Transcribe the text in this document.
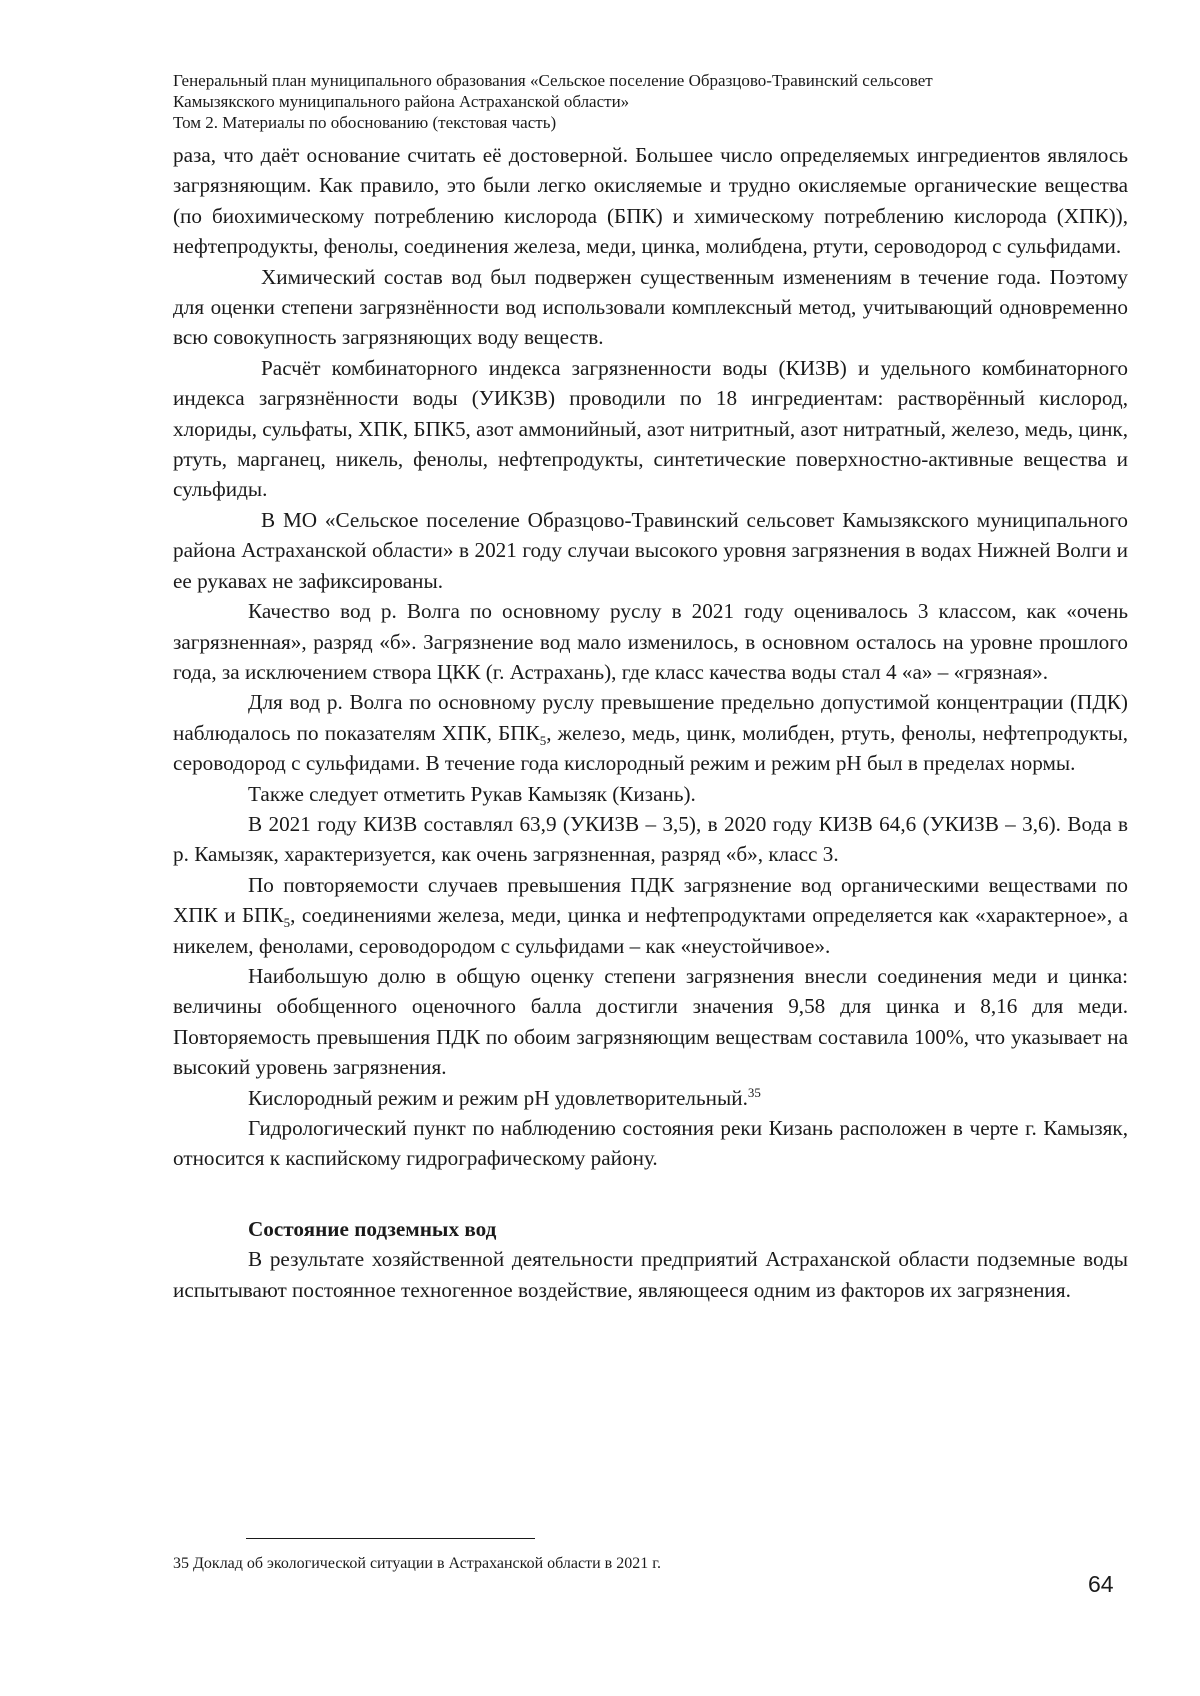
Генеральный план муниципального образования «Сельское поселение Образцово-Травинский сельсовет

Камызякского муниципального района Астраханской области»

Том 2. Материалы по обоснованию (текстовая часть)

раза, что даёт основание считать её достоверной. Большее число определяемых ингредиентов являлось загрязняющим. Как правило, это были легко окисляемые и трудно окисляемые органические вещества (по биохимическому потреблению кислорода (БПК) и химическому потреблению кислорода (ХПК)), нефтепродукты, фенолы, соединения железа, меди, цинка, молибдена, ртути, сероводород с сульфидами.

Химический состав вод был подвержен существенным изменениям в течение года. Поэтому для оценки степени загрязнённости вод использовали комплексный метод, учитывающий одновременно всю совокупность загрязняющих воду веществ.

Расчёт комбинаторного индекса загрязненности воды (КИЗВ) и удельного комбинаторного индекса загрязнённости воды (УИКЗВ) проводили по 18 ингредиентам: растворённый кислород, хлориды, сульфаты, ХПК, БПК5, азот аммонийный, азот нитритный, азот нитратный, железо, медь, цинк, ртуть, марганец, никель, фенолы, нефтепродукты, синтетические поверхностно-активные вещества и сульфиды.

В МО «Сельское поселение Образцово-Травинский сельсовет Камызякского муниципального района Астраханской области» в 2021 году случаи высокого уровня загрязнения в водах Нижней Волги и ее рукавах не зафиксированы.

Качество вод р. Волга по основному руслу в 2021 году оценивалось 3 классом, как «очень загрязненная», разряд «б». Загрязнение вод мало изменилось, в основном осталось на уровне прошлого года, за исключением створа ЦКК (г. Астрахань), где класс качества воды стал 4 «а» – «грязная».

Для вод р. Волга по основному руслу превышение предельно допустимой концентрации (ПДК) наблюдалось по показателям ХПК, $БПК_5$, железо, медь, цинк, молибден, ртуть, фенолы, нефтепродукты, сероводород с сульфидами. В течение года кислородный режим и режим pH был в пределах нормы.

Также следует отметить Рукав Камызяк (Кизань).

В 2021 году КИЗВ составлял 63,9 (УКИЗВ – 3,5), в 2020 году КИЗВ 64,6 (УКИЗВ – 3,6). Вода в р. Камызяк, характеризуется, как очень загрязненная, разряд «б», класс 3.

По повторяемости случаев превышения ПДК загрязнение вод органическими веществами по ХПК и $БПК_5$, соединениями железа, меди, цинка и нефтепродуктами определяется как «характерное», а никелем, фенолами, сероводородом с сульфидами – как «неустойчивое».

Наибольшую долю в общую оценку степени загрязнения внесли соединения меди и цинка: величины обобщенного оценочного балла достигли значения 9,58 для цинка и 8,16 для меди. Повторяемость превышения ПДК по обоим загрязняющим веществам составила 100%, что указывает на высокий уровень загрязнения.

Кислородный режим и режим pH удовлетворительный.$^{35}$

Гидрологический пункт по наблюдению состояния реки Кизань расположен в черте г. Камызяк, относится к каспийскому гидрографическому району.

Состояние подземных вод

В результате хозяйственной деятельности предприятий Астраханской области подземные воды испытывают постоянное техногенное воздействие, являющееся одним из факторов их загрязнения.

35 Доклад об экологической ситуации в Астраханской области в 2021 г.
64
